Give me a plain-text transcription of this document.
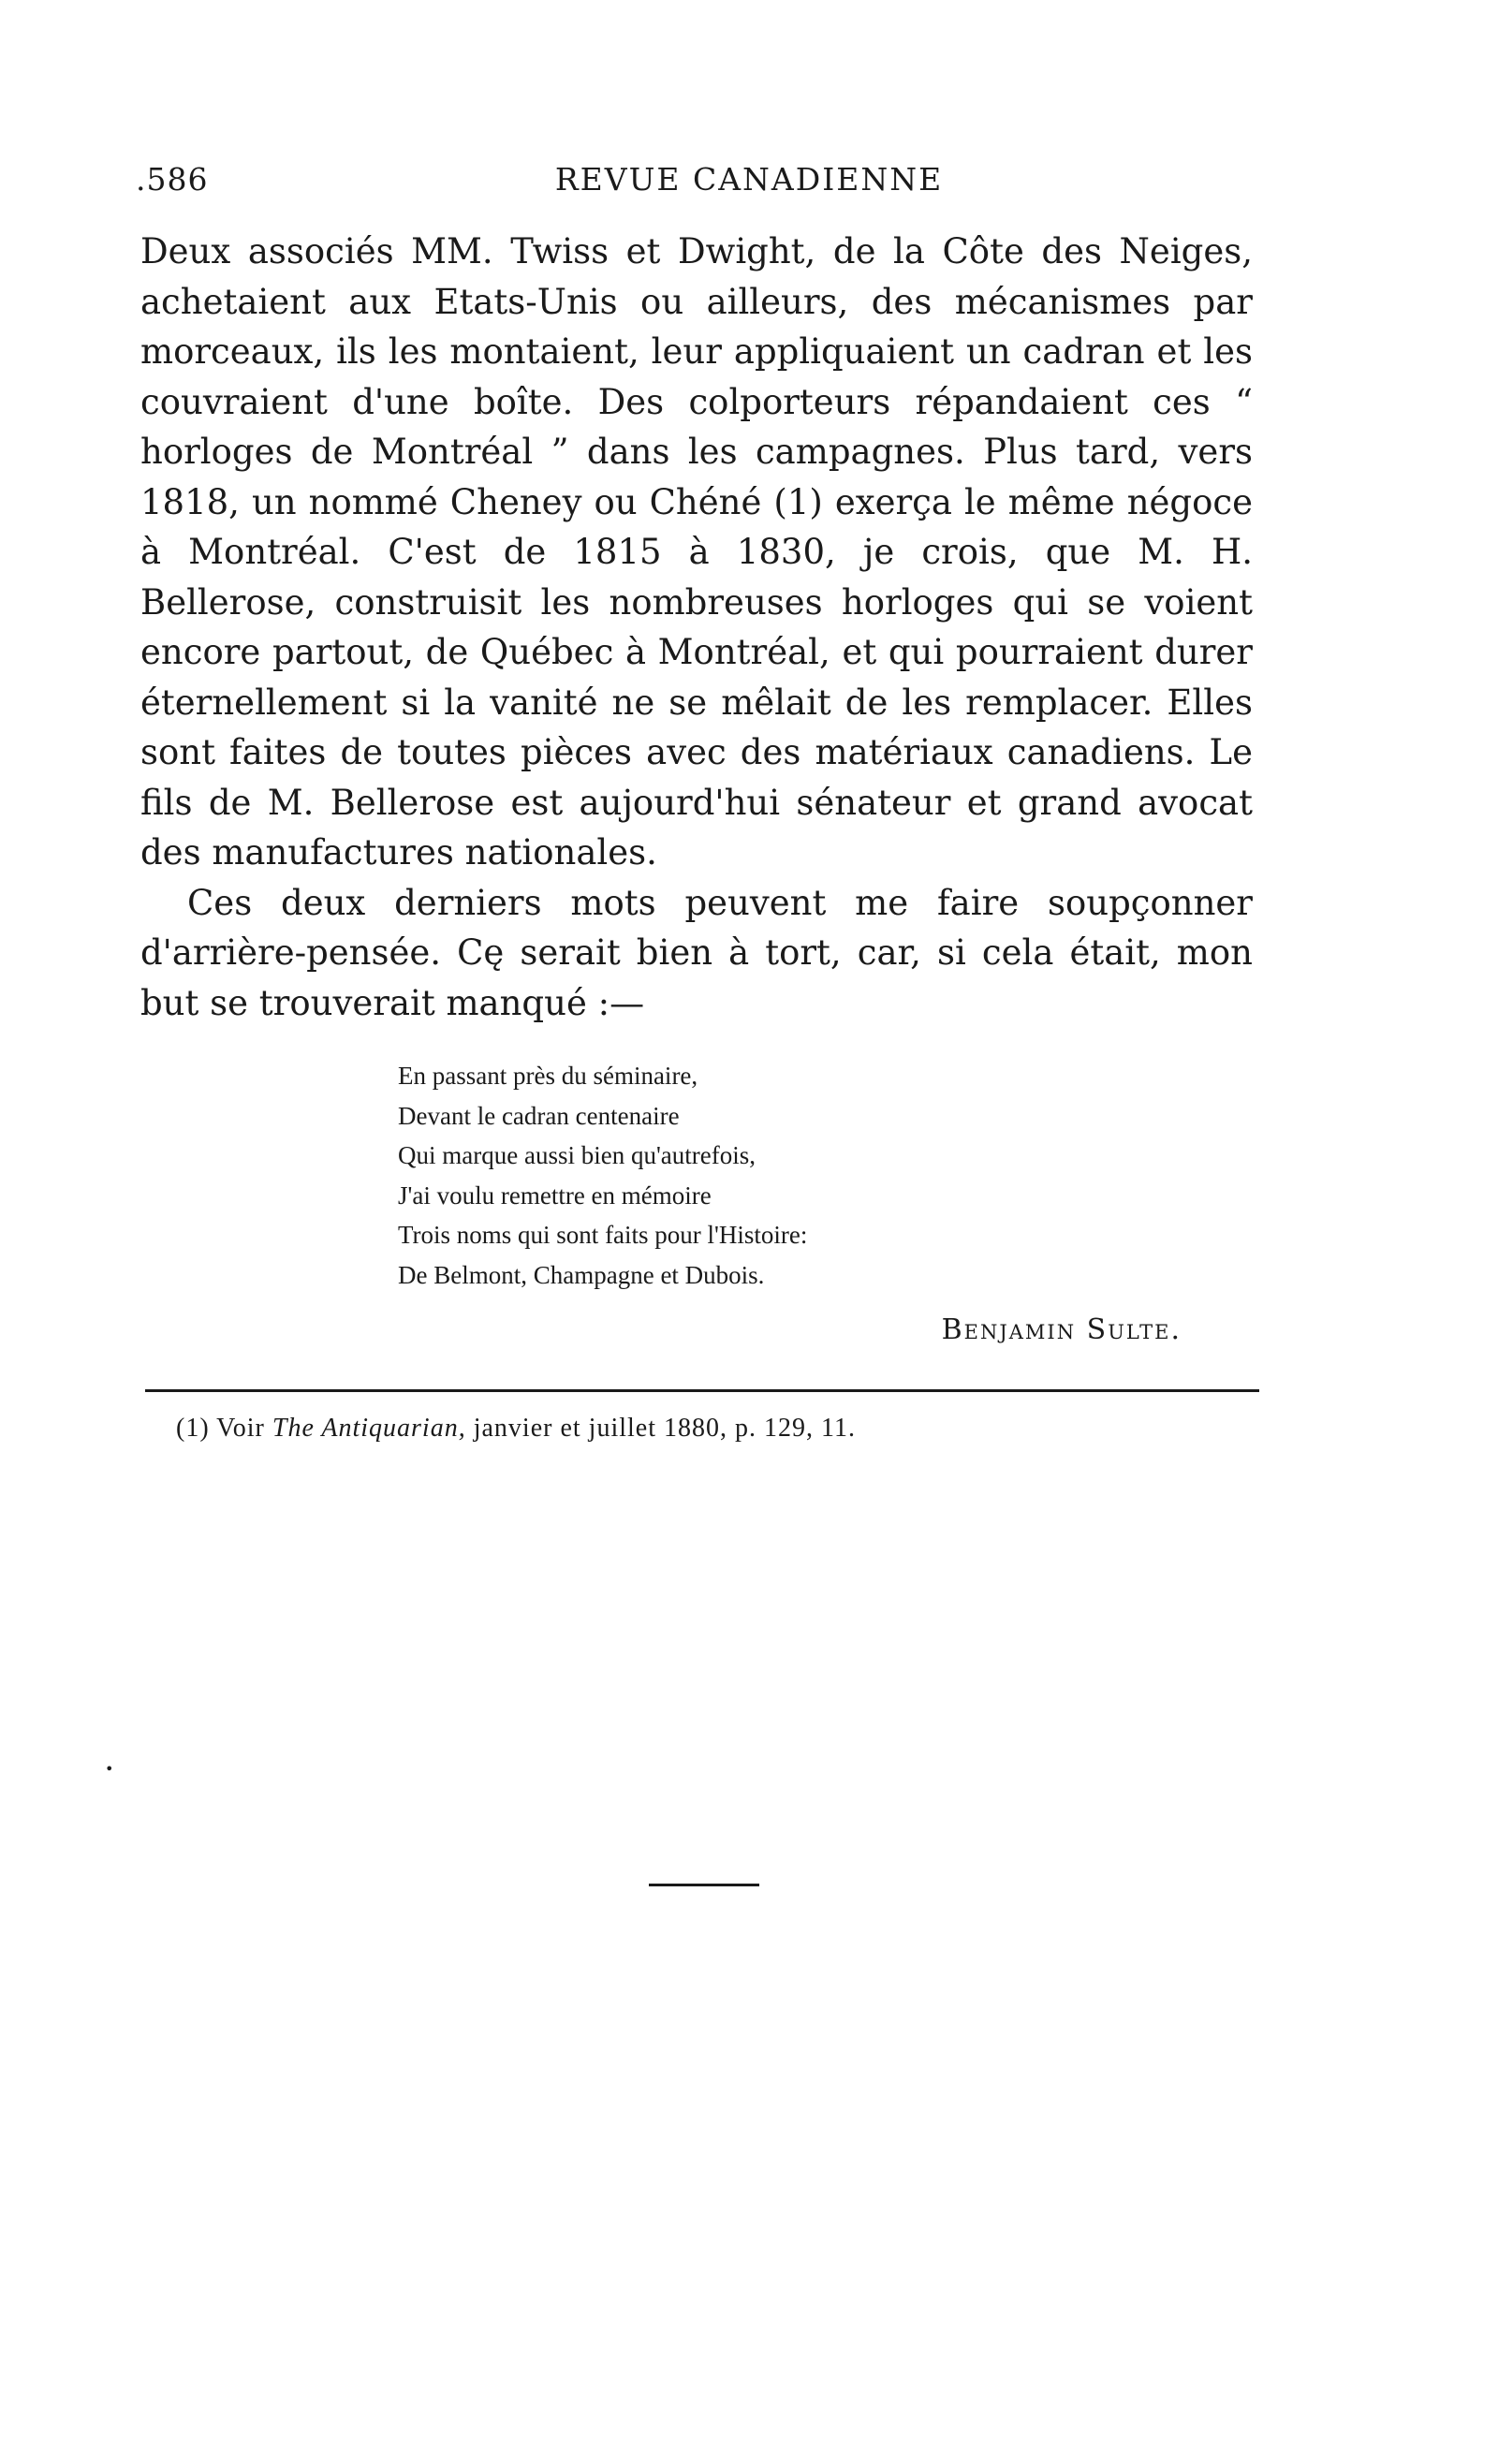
.586	REVUE CANADIENNE

Deux associés MM. Twiss et Dwight, de la Côte des Neiges, achetaient aux Etats-Unis ou ailleurs, des mécanismes par morceaux, ils les montaient, leur appliquaient un cadran et les couvraient d'une boîte. Des colporteurs répandaient ces “ horloges de Montréal ” dans les campagnes. Plus tard, vers 1818, un nommé Cheney ou Chéné (1) exerça le même négoce à Montréal. C'est de 1815 à 1830, je crois, que M. H. Bellerose, construisit les nombreuses horloges qui se voient encore partout, de Québec à Montréal, et qui pourraient durer éternellement si la vanité ne se mêlait de les remplacer. Elles sont faites de toutes pièces avec des matériaux canadiens. Le fils de M. Bellerose est aujourd'hui sénateur et grand avocat des manufactures nationales.

Ces deux derniers mots peuvent me faire soupçonner d'arrière-pensée. Cę serait bien à tort, car, si cela était, mon but se trouverait manqué :—

En passant près du séminaire,
Devant le cadran centenaire
Qui marque aussi bien qu'autrefois,
J'ai voulu remettre en mémoire
Trois noms qui sont faits pour l'Histoire:
De Belmont, Champagne et Dubois.
Benjamin Sulte.
(1) Voir The Antiquarian, janvier et juillet 1880, p. 129, 11.
•
